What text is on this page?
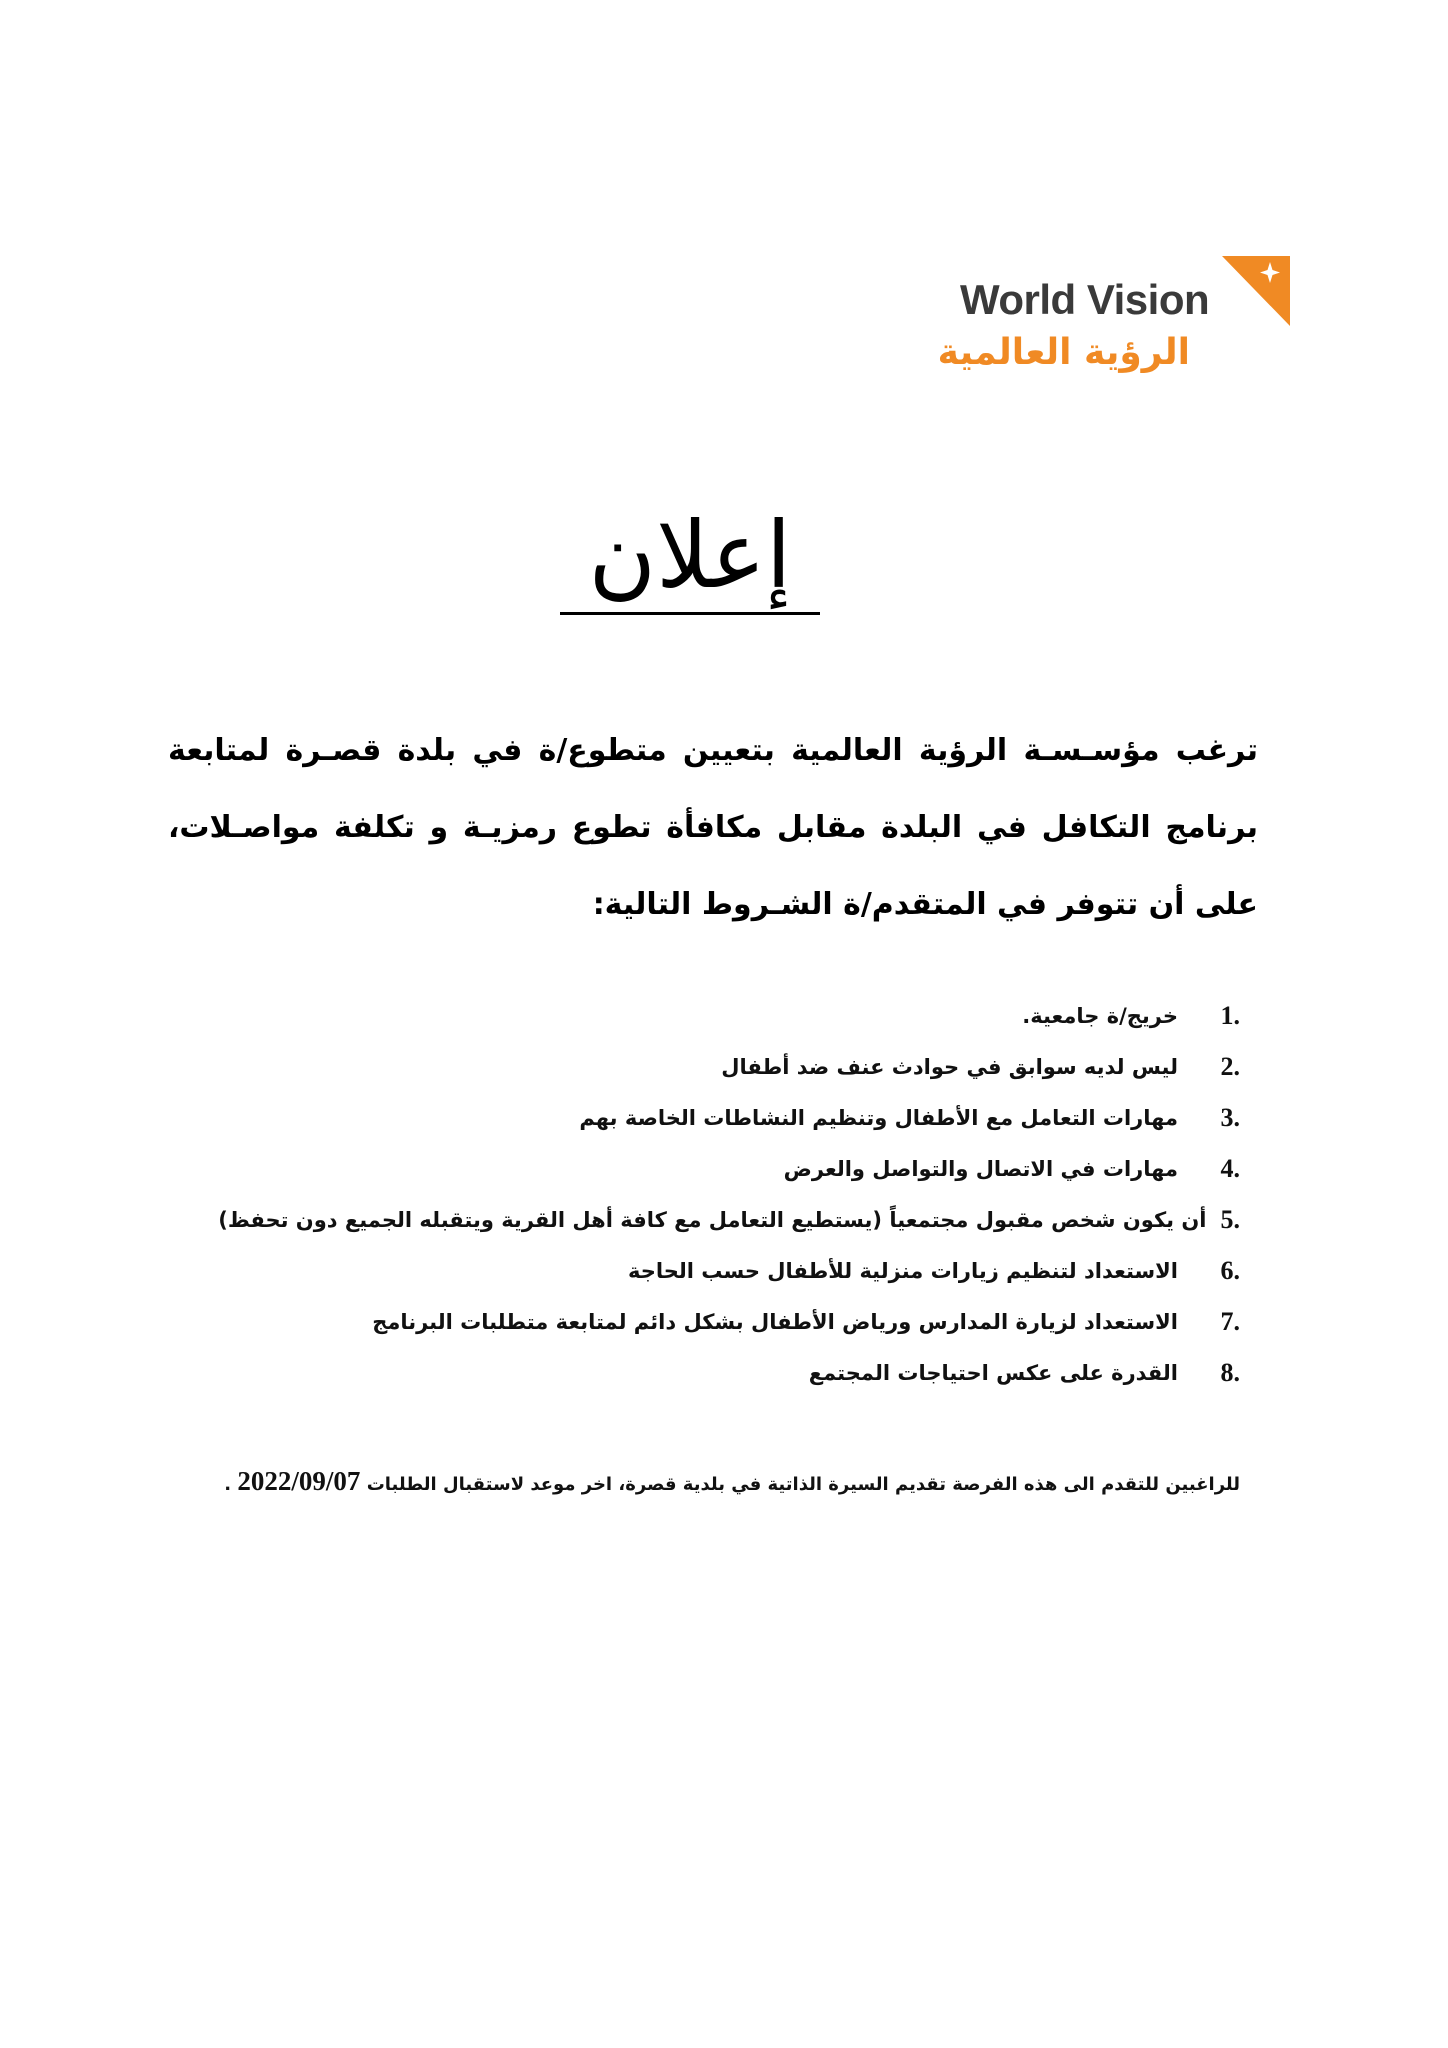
World Vision
الرؤية العالمية
إعلان
ترغب مؤسـسـة الرؤية العالمية بتعيين متطوع/ة في بلدة قصـرة لمتابعة برنامج التكافل في البلدة مقابل مكافأة تطوع رمزيـة و تكلفة مواصـلات، على أن تتوفر في المتقدم/ة الشـروط التالية:
1.
خريج/ة جامعية.
2.
ليس لديه سوابق في حوادث عنف ضد أطفال
3.
مهارات التعامل مع الأطفال وتنظيم النشاطات الخاصة بهم
4.
مهارات في الاتصال والتواصل والعرض
5.
أن يكون شخص مقبول مجتمعياً (يستطيع التعامل مع كافة أهل القرية ويتقبله الجميع دون تحفظ)
6.
الاستعداد لتنظيم زيارات منزلية للأطفال حسب الحاجة
7.
الاستعداد لزيارة المدارس ورياض الأطفال بشكل دائم لمتابعة متطلبات البرنامج
8.
القدرة على عكس احتياجات المجتمع
للراغبين للتقدم الى هذه الفرصة تقديم السيرة الذاتية في بلدية قصرة، اخر موعد لاستقبال الطلبات 2022/09/07 .
